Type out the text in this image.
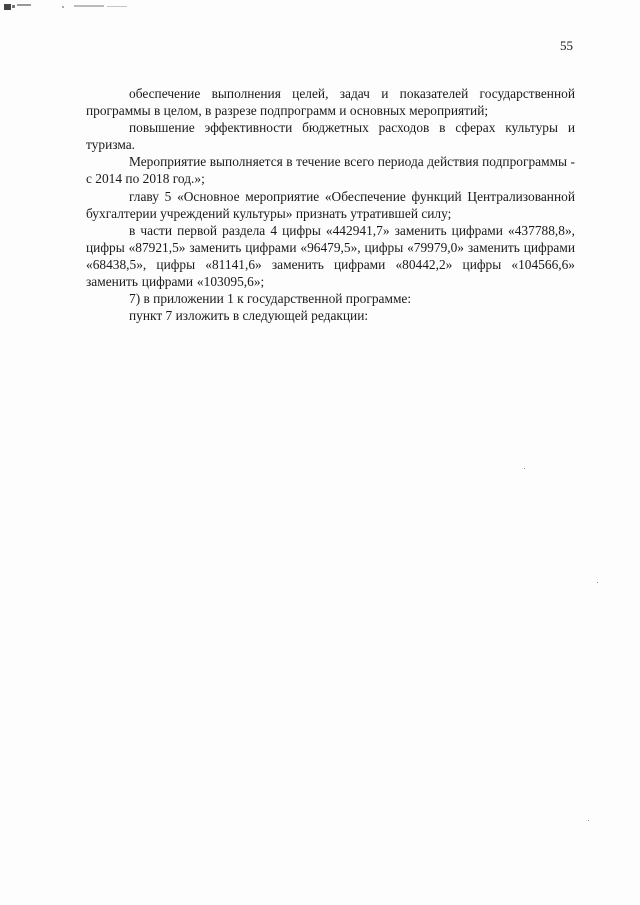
55

обеспечение выполнения целей, задач и показателей государственной программы в целом, в разрезе подпрограмм и основных мероприятий;

повышение эффективности бюджетных расходов в сферах культуры и туризма.

Мероприятие выполняется в течение всего периода действия подпрограммы - с 2014 по 2018 год.»;

главу 5 «Основное мероприятие «Обеспечение функций Централизованной бухгалтерии учреждений культуры» признать утратившей силу;

в части первой раздела 4 цифры «442941,7» заменить цифрами «437788,8», цифры «87921,5» заменить цифрами «96479,5», цифры «79979,0» заменить цифрами «68438,5», цифры «81141,6» заменить цифрами «80442,2» цифры «104566,6» заменить цифрами «103095,6»;

7) в приложении 1 к государственной программе:

пункт 7 изложить в следующей редакции:
